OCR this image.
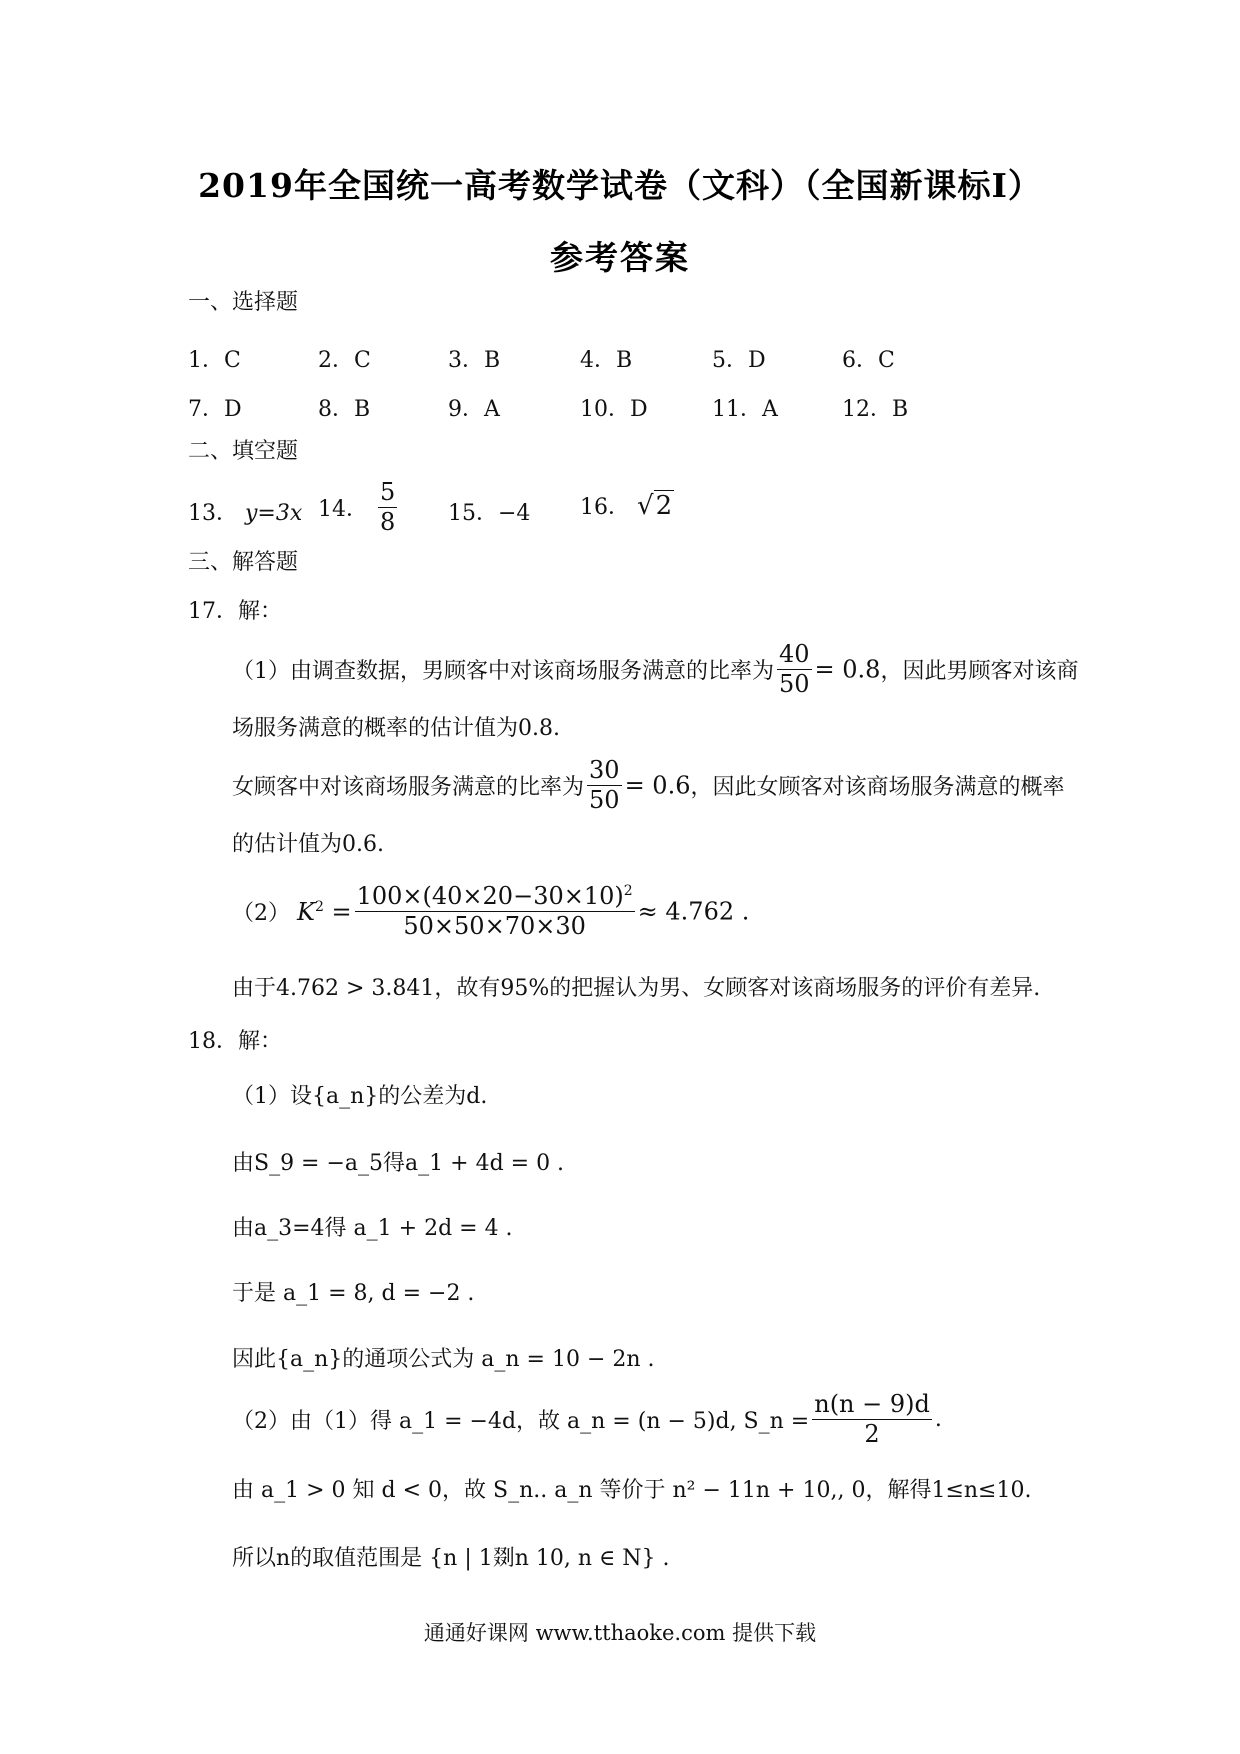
2019年全国统一高考数学试卷（文科）（全国新课标Ⅰ）
参考答案
一、选择题
1．C	2．C	3．B	4．B	5．D	6．C
7．D	8．B	9．A	10．D	11．A	12．B
二、填空题
13． y=3x 14． $\frac{5}{8} 15$．−4 16． √2
三、解答题
17．解：
（1）由调查数据，男顾客中对该商场服务满意的比率为 $\frac{40}{50} = 0.8$，因此男顾客对该商
场服务满意的概率的估计值为0.8.
女顾客中对该商场服务满意的比率为 $\frac{30}{50} = 0.6$，因此女顾客对该商场服务满意的概率
的估计值为0.6.
（2） $K^2 = \frac{100\times(40\times 20-30\times 10)^2}{50\times 50\times 70\times 30} \approx 4.762$ .
由于4.762 > 3.841，故有95%的把握认为男、女顾客对该商场服务的评价有差异.
18．解：
（1）设{a_n}的公差为d.
由S_9 = −a_5得a_1 + 4d = 0 .
由a_3=4得 a_1 + 2d = 4 .
于是 a_1 = 8, d = −2 .
因此{a_n}的通项公式为 a_n = 10 − 2n .
（2）由（1）得 a_1 = −4d，故 a_n = (n − 5)d, S_n = $\frac{n(n - 9)d}{2}$ .
由 a_1 > 0 知 d < 0，故 S_n.. a_n 等价于 n² − 11n + 10,, 0，解得1≤n≤10.
所以n的取值范围是 {n | 1剟n 10, n ∈ N} .
通通好课网 www.tthaoke.com 提供下载
